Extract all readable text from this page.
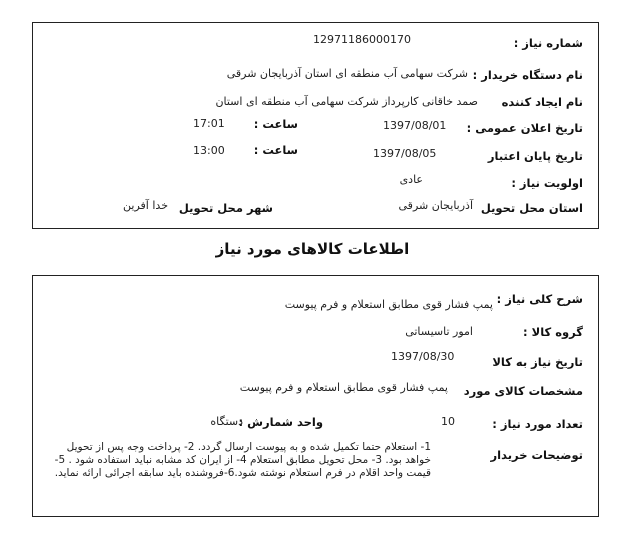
شماره نیاز :
12971186000170
نام دستگاه خریدار :
شرکت سهامی آب منطقه ای استان آذربایجان شرقی
نام ایجاد کننده
صمد خاقانی کارپرداز شرکت سهامی آب منطقه ای استان
تاریخ اعلان عمومی :
1397/08/01
ساعت :
17:01
تاریخ پایان اعتبار
1397/08/05
ساعت :
13:00
اولویت نیاز :
عادی
استان محل تحویل
آذربایجان شرقی
شهر محل تحویل
خدا آفرین
اطلاعات کالاهای مورد نیاز
شرح کلی نیاز :
پمپ فشار قوی مطابق استعلام و فرم پیوست
گروه کالا :
امور تاسیساتی
تاریخ نیاز به کالا
1397/08/30
مشخصات کالای مورد
پمپ فشار قوی مطابق استعلام و فرم پیوست
تعداد مورد نیاز :
10
واحد شمارش :
دستگاه
توضیحات خریدار
1- استعلام حتما تکمیل شده و به پیوست ارسال گردد. 2- پرداخت وجه پس از تحویل خواهد بود. 3- محل تحویل مطابق استعلام 4- از ایران کد مشابه نباید استفاده شود . 5- قیمت واحد اقلام در فرم استعلام نوشته شود.6-فروشنده باید سابقه اجرائی ارائه نماید.
